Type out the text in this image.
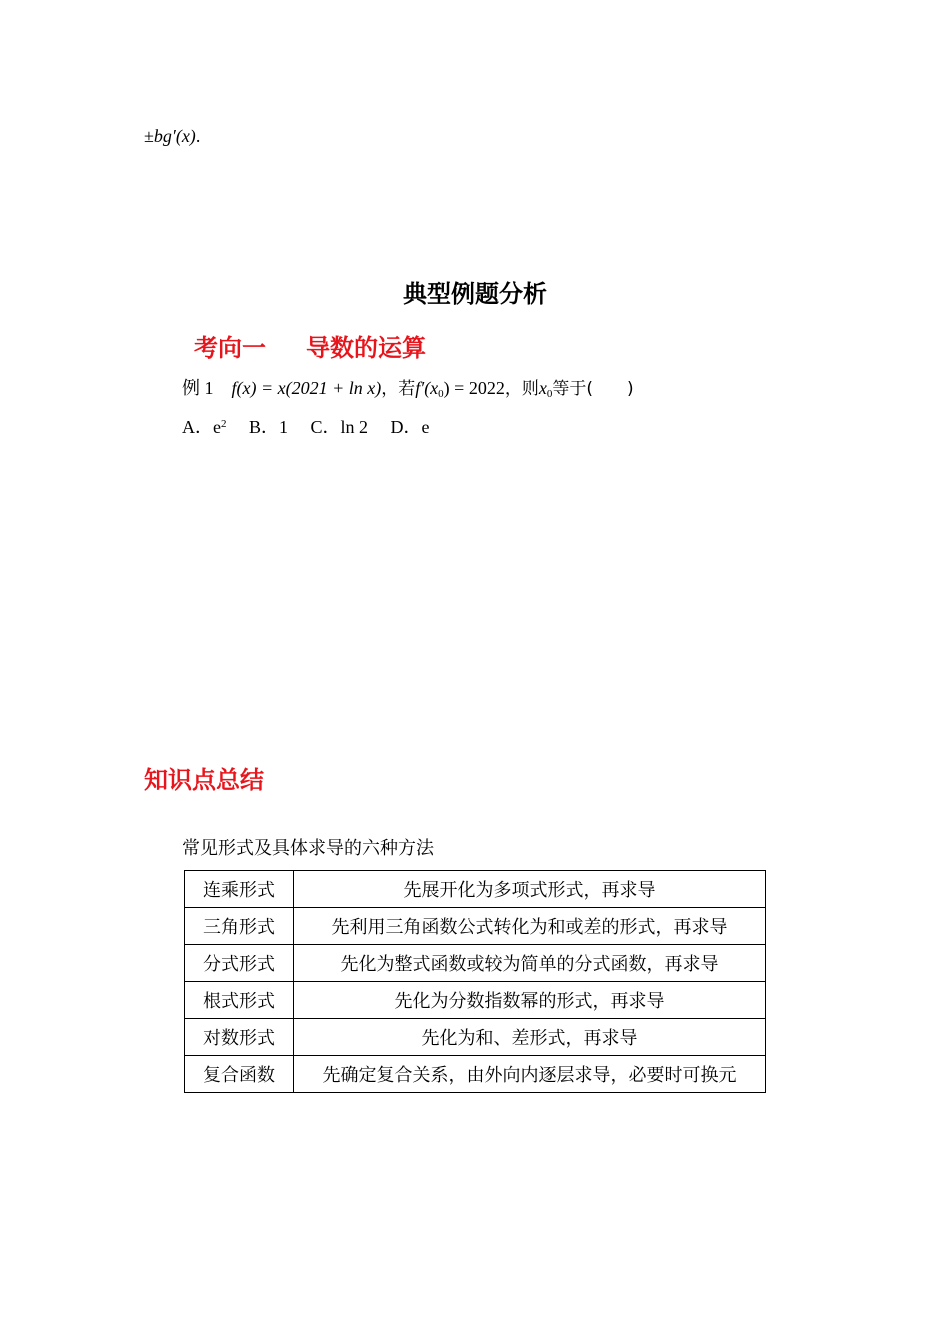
±bg′(x).
典型例题分析
考向一 导数的运算
例 1 f(x) = x(2021 + ln x)，若$f'(x_0) = 2022$，则$x_0$等于(　　)
A．$e^2$ B．1 C．ln 2 D．e
知识点总结
常见形式及具体求导的六种方法
连乘形式	先展开化为多项式形式，再求导
三角形式	先利用三角函数公式转化为和或差的形式，再求导
分式形式	先化为整式函数或较为简单的分式函数，再求导
根式形式	先化为分数指数幂的形式，再求导
对数形式	先化为和、差形式，再求导
复合函数	先确定复合关系，由外向内逐层求导，必要时可换元
